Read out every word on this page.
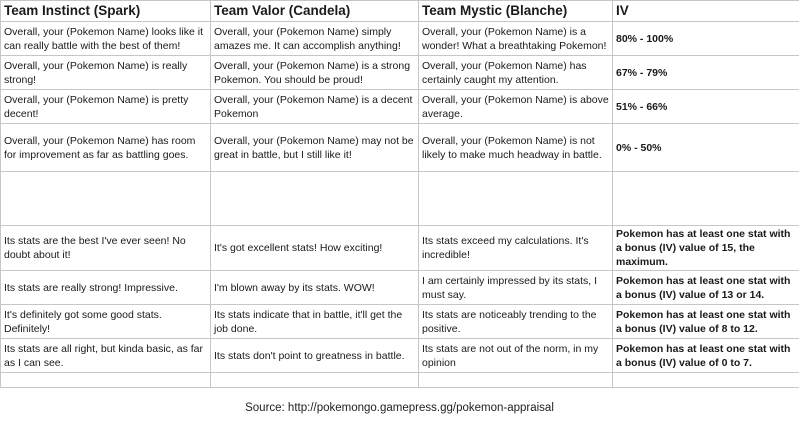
Team Instinct (Spark)	Team Valor (Candela)	Team Mystic (Blanche)	IV
Overall, your (Pokemon Name) looks like it can really battle with the best of them!	Overall, your (Pokemon Name) simply amazes me. It can accomplish anything!	Overall, your (Pokemon Name) is a wonder! What a breathtaking Pokemon!	80% - 100%
Overall, your (Pokemon Name) is really strong!	Overall, your (Pokemon Name) is a strong Pokemon. You should be proud!	Overall, your (Pokemon Name) has certainly caught my attention.	67% - 79%
Overall, your (Pokemon Name) is pretty decent!	Overall, your (Pokemon Name) is a decent Pokemon	Overall, your (Pokemon Name) is above average.	51% - 66%
Overall, your (Pokemon Name) has room for improvement as far as battling goes.	Overall, your (Pokemon Name) may not be great in battle, but I still like it!	Overall, your (Pokemon Name) is not likely to make much headway in battle.	0% - 50%

Its stats are the best I've ever seen! No doubt about it!	It's got excellent stats! How exciting!	Its stats exceed my calculations. It's incredible!	Pokemon has at least one stat with a bonus (IV) value of 15, the maximum.
Its stats are really strong! Impressive.	I'm blown away by its stats. WOW!	I am certainly impressed by its stats, I must say.	Pokemon has at least one stat with a bonus (IV) value of 13 or 14.
It's definitely got some good stats. Definitely!	Its stats indicate that in battle, it'll get the job done.	Its stats are noticeably trending to the positive.	Pokemon has at least one stat with a bonus (IV) value of 8 to 12.
Its stats are all right, but kinda basic, as far as I can see.	Its stats don't point to greatness in battle.	Its stats are not out of the norm, in my opinion	Pokemon has at least one stat with a bonus (IV) value of 0 to 7.

Source: http://pokemongo.gamepress.gg/pokemon-appraisal
